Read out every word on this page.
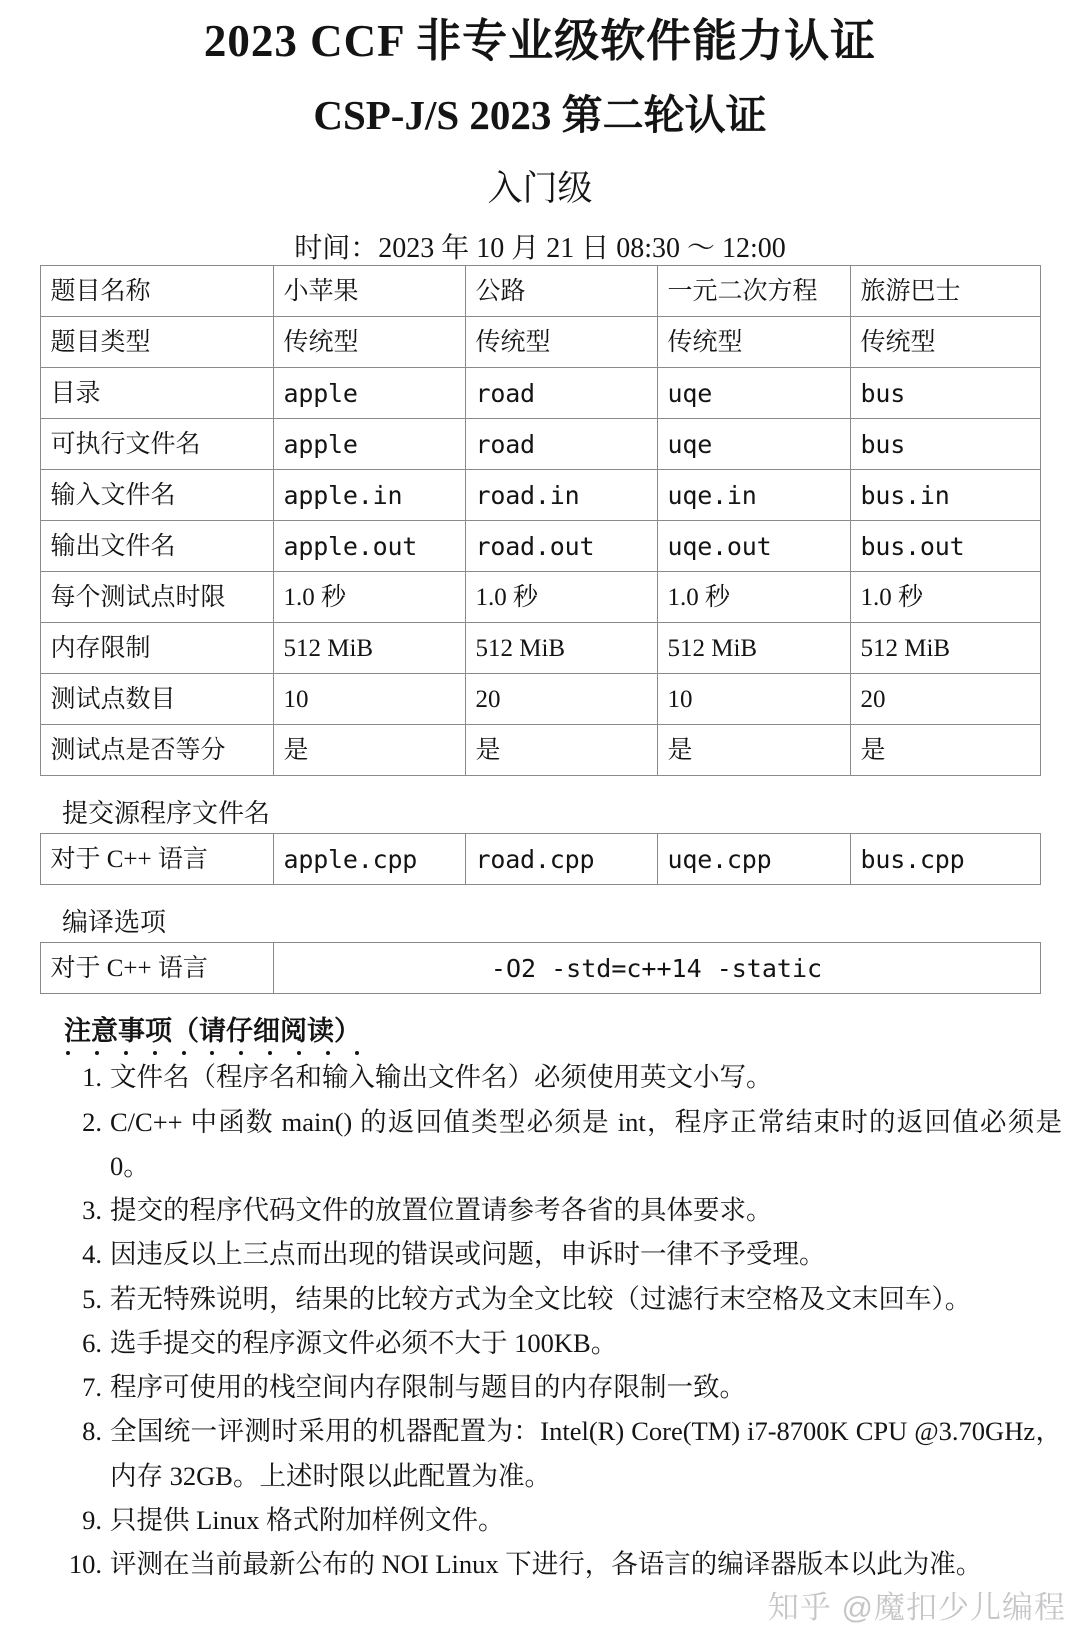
2023 CCF 非专业级软件能力认证
CSP-J/S 2023 第二轮认证
入门级
时间：2023 年 10 月 21 日 08:30 ～ 12:00
题目名称	小苹果	公路	一元二次方程	旅游巴士
题目类型	传统型	传统型	传统型	传统型
目录	apple	road	uqe	bus
可执行文件名	apple	road	uqe	bus
输入文件名	apple.in	road.in	uqe.in	bus.in
输出文件名	apple.out	road.out	uqe.out	bus.out
每个测试点时限	1.0 秒	1.0 秒	1.0 秒	1.0 秒
内存限制	512 MiB	512 MiB	512 MiB	512 MiB
测试点数目	10	20	10	20
测试点是否等分	是	是	是	是
提交源程序文件名
对于 C++ 语言	apple.cpp	road.cpp	uqe.cpp	bus.cpp
编译选项
对于 C++ 语言	-O2 -std=c++14 -static
注意事项（请仔细阅读）
文件名（程序名和输入输出文件名）必须使用英文小写。
C/C++ 中函数 main() 的返回值类型必须是 int，程序正常结束时的返回值必须是 0。
提交的程序代码文件的放置位置请参考各省的具体要求。
因违反以上三点而出现的错误或问题，申诉时一律不予受理。
若无特殊说明，结果的比较方式为全文比较（过滤行末空格及文末回车）。
选手提交的程序源文件必须不大于 100KB。
程序可使用的栈空间内存限制与题目的内存限制一致。
全国统一评测时采用的机器配置为：Intel(R) Core(TM) i7-8700K CPU @3.70GHz，内存 32GB。上述时限以此配置为准。
只提供 Linux 格式附加样例文件。
评测在当前最新公布的 NOI Linux 下进行，各语言的编译器版本以此为准。
知乎 @魔扣少儿编程
